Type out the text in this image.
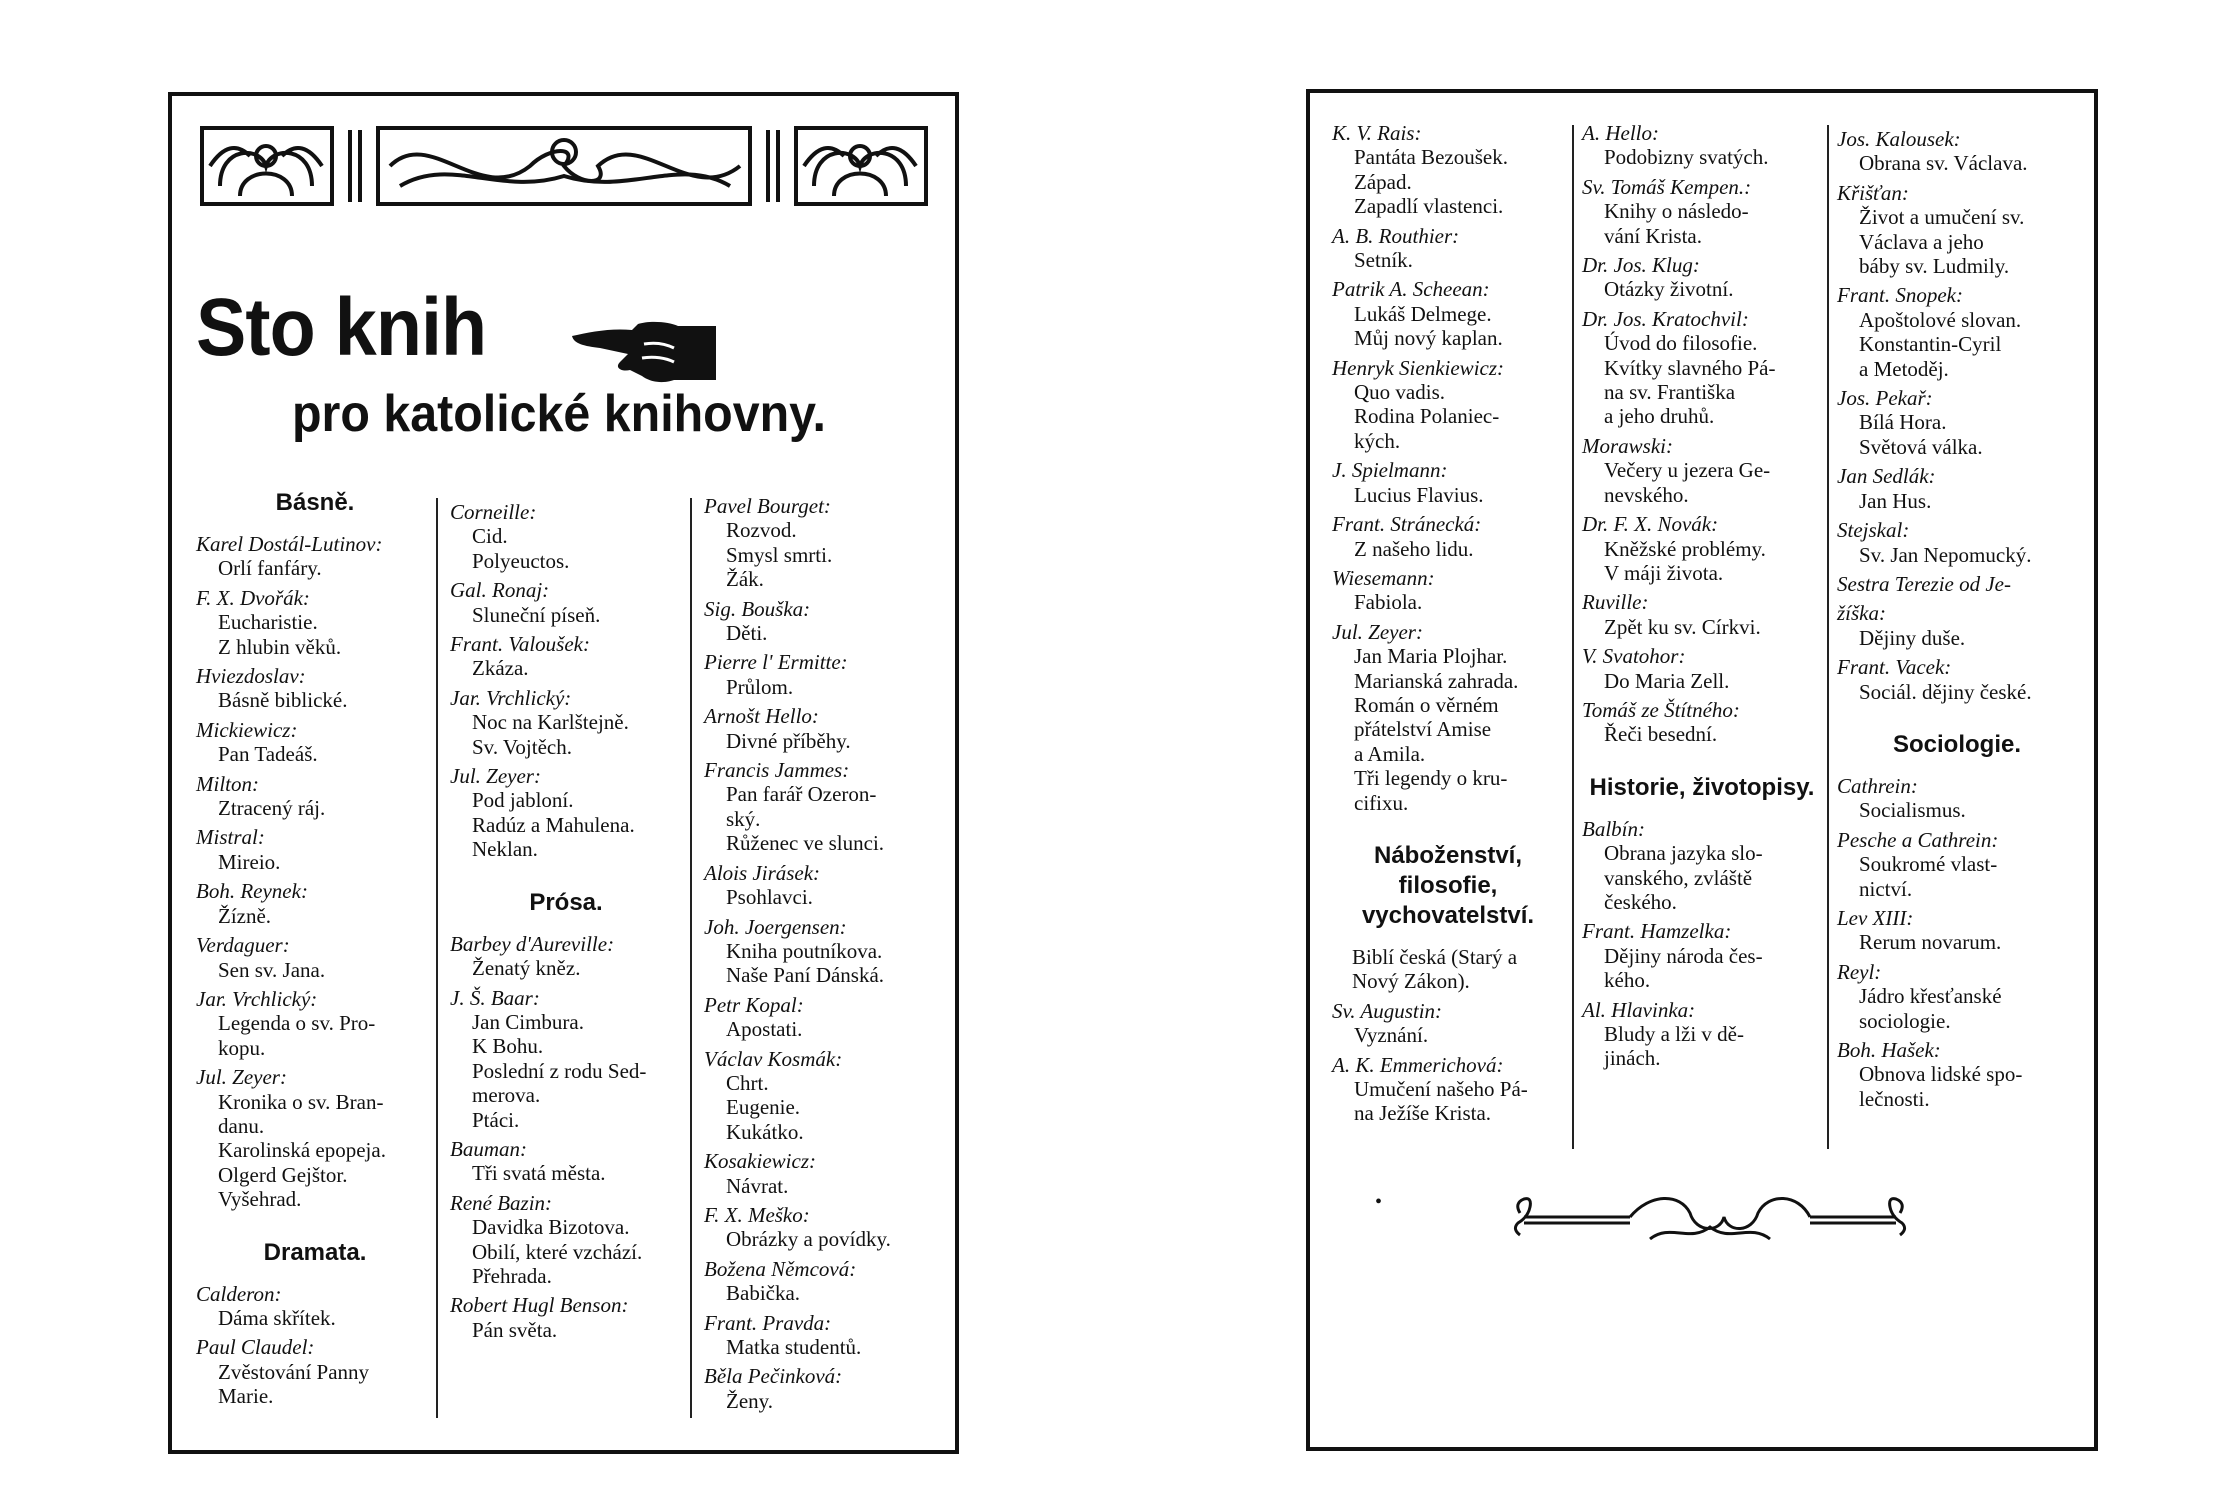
Sto knih
pro katolické knihovny.
Básně.
Karel Dostál-Lutinov:
Orlí fanfáry.
F. X. Dvořák:
Eucharistie.
Z hlubin věků.
Hviezdoslav:
Básně biblické.
Mickiewicz:
Pan Tadeáš.
Milton:
Ztracený ráj.
Mistral:
Mireio.
Boh. Reynek:
Žízně.
Verdaguer:
Sen sv. Jana.
Jar. Vrchlický:
Legenda o sv. Pro-
kopu.
Jul. Zeyer:
Kronika o sv. Bran-
danu.
Karolinská epopeja.
Olgerd Gejštor.
Vyšehrad.
Dramata.
Calderon:
Dáma skřítek.
Paul Claudel:
Zvěstování Panny
Marie.
Corneille:
Cid.
Polyeuctos.
Gal. Ronaj:
Sluneční píseň.
Frant. Valoušek:
Zkáza.
Jar. Vrchlický:
Noc na Karlštejně.
Sv. Vojtěch.
Jul. Zeyer:
Pod jabloní.
Radúz a Mahulena.
Neklan.
Prósa.
Barbey d'Aureville:
Ženatý kněz.
J. Š. Baar:
Jan Cimbura.
K Bohu.
Poslední z rodu Sed-
merova.
Ptáci.
Bauman:
Tři svatá města.
René Bazin:
Davidka Bizotova.
Obilí, které vzchází.
Přehrada.
Robert Hugl Benson:
Pán světa.
Pavel Bourget:
Rozvod.
Smysl smrti.
Žák.
Sig. Bouška:
Děti.
Pierre l' Ermitte:
Průlom.
Arnošt Hello:
Divné příběhy.
Francis Jammes:
Pan farář Ozeron-
ský.
Růženec ve slunci.
Alois Jirásek:
Psohlavci.
Joh. Joergensen:
Kniha poutníkova.
Naše Paní Dánská.
Petr Kopal:
Apostati.
Václav Kosmák:
Chrt.
Eugenie.
Kukátko.
Kosakiewicz:
Návrat.
F. X. Meško:
Obrázky a povídky.
Božena Němcová:
Babička.
Frant. Pravda:
Matka studentů.
Běla Pečinková:
Ženy.
K. V. Rais:
Pantáta Bezoušek.
Západ.
Zapadlí vlastenci.
A. B. Routhier:
Setník.
Patrik A. Scheean:
Lukáš Delmege.
Můj nový kaplan.
Henryk Sienkiewicz:
Quo vadis.
Rodina Polaniec-
kých.
J. Spielmann:
Lucius Flavius.
Frant. Stránecká:
Z našeho lidu.
Wiesemann:
Fabiola.
Jul. Zeyer:
Jan Maria Plojhar.
Marianská zahrada.
Román o věrném
přátelství Amise
a Amila.
Tři legendy o kru-
cifixu.
Náboženství, filosofie, vychovatelství.
Biblí česká (Starý a
Nový Zákon).
Sv. Augustin:
Vyznání.
A. K. Emmerichová:
Umučení našeho Pá-
na Ježíše Krista.
A. Hello:
Podobizny svatých.
Sv. Tomáš Kempen.:
Knihy o následo-
vání Krista.
Dr. Jos. Klug:
Otázky životní.
Dr. Jos. Kratochvil:
Úvod do filosofie.
Kvítky slavného Pá-
na sv. Františka
a jeho druhů.
Morawski:
Večery u jezera Ge-
nevského.
Dr. F. X. Novák:
Kněžské problémy.
V máji života.
Ruville:
Zpět ku sv. Církvi.
V. Svatohor:
Do Maria Zell.
Tomáš ze Štítného:
Řeči besední.
Historie, životopisy.
Balbín:
Obrana jazyka slo-
vanského, zvláště
českého.
Frant. Hamzelka:
Dějiny národa čes-
kého.
Al. Hlavinka:
Bludy a lži v dě-
jinách.
Jos. Kalousek:
Obrana sv. Václava.
Křišťan:
Život a umučení sv.
Václava a jeho
báby sv. Ludmily.
Frant. Snopek:
Apoštolové slovan.
Konstantin-Cyril
a Metoděj.
Jos. Pekař:
Bílá Hora.
Světová válka.
Jan Sedlák:
Jan Hus.
Stejskal:
Sv. Jan Nepomucký.
Sestra Terezie od Je-
žíška:
Dějiny duše.
Frant. Vacek:
Sociál. dějiny české.
Sociologie.
Cathrein:
Socialismus.
Pesche a Cathrein:
Soukromé vlast-
nictví.
Lev XIII:
Rerum novarum.
Reyl:
Jádro křesťanské
sociologie.
Boh. Hašek:
Obnova lidské spo-
lečnosti.
•
